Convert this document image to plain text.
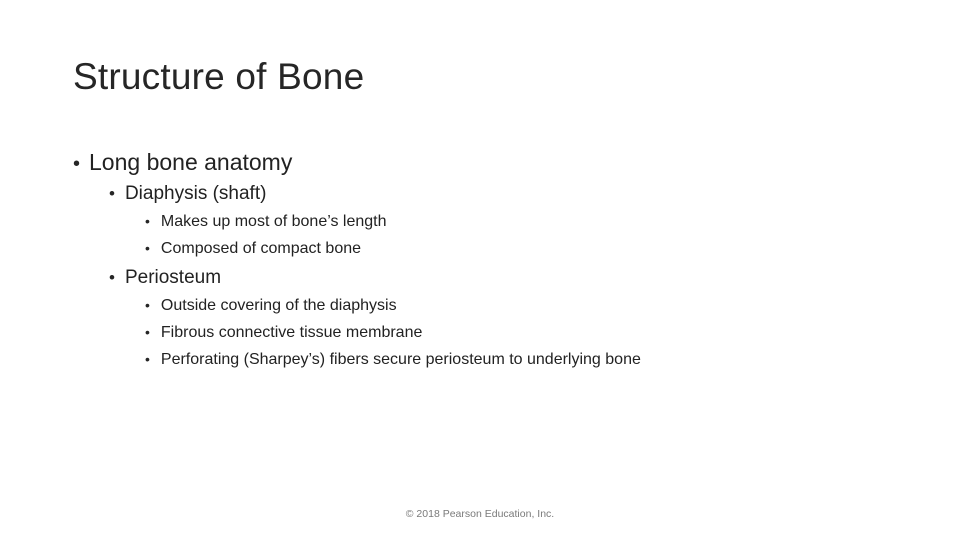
Structure of Bone
• Long bone anatomy
• Diaphysis (shaft)
• Makes up most of bone’s length
• Composed of compact bone
• Periosteum
• Outside covering of the diaphysis
• Fibrous connective tissue membrane
• Perforating (Sharpey’s) fibers secure periosteum to underlying bone
© 2018 Pearson Education, Inc.
